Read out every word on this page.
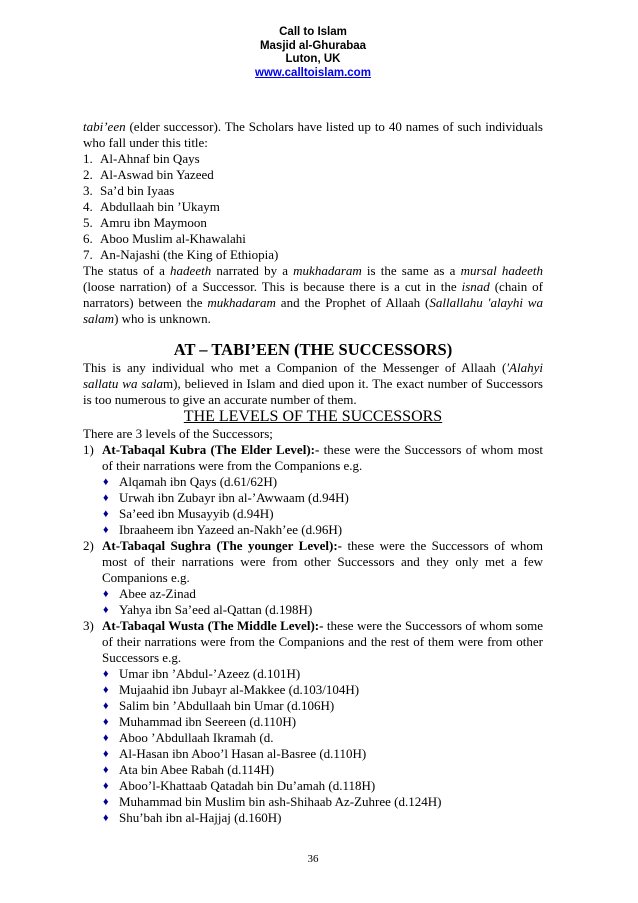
Call to Islam
Masjid al-Ghurabaa
Luton, UK
www.calltoislam.com

tabi’een (elder successor). The Scholars have listed up to 40 names of such individuals who fall under this title:

1. Al-Ahnaf bin Qays
2. Al-Aswad bin Yazeed
3. Sa’d bin Iyaas
4. Abdullaah bin ’Ukaym
5. Amru ibn Maymoon
6. Aboo Muslim al-Khawalahi
7. An-Najashi (the King of Ethiopia)

The status of a hadeeth narrated by a mukhadaram is the same as a mursal hadeeth (loose narration) of a Successor. This is because there is a cut in the isnad (chain of narrators) between the mukhadaram and the Prophet of Allaah (Sallallahu 'alayhi wa salam) who is unknown.

AT – TABI’EEN (THE SUCCESSORS)

This is any individual who met a Companion of the Messenger of Allaah ('Alahyi sallatu wa salam), believed in Islam and died upon it. The exact number of Successors is too numerous to give an accurate number of them.

THE LEVELS OF THE SUCCESSORS

There are 3 levels of the Successors;

1) At-Tabaqal Kubra (The Elder Level):- these were the Successors of whom most of their narrations were from the Companions e.g.
♦ Alqamah ibn Qays (d.61/62H)
♦ Urwah ibn Zubayr ibn al-’Awwaam (d.94H)
♦ Sa’eed ibn Musayyib (d.94H)
♦ Ibraaheem ibn Yazeed an-Nakh’ee (d.96H)
2) At-Tabaqal Sughra (The younger Level):- these were the Successors of whom most of their narrations were from other Successors and they only met a few Companions e.g.
♦ Abee az-Zinad
♦ Yahya ibn Sa’eed al-Qattan (d.198H)
3) At-Tabaqal Wusta (The Middle Level):- these were the Successors of whom some of their narrations were from the Companions and the rest of them were from other Successors e.g.
♦ Umar ibn ’Abdul-’Azeez (d.101H)
♦ Mujaahid ibn Jubayr al-Makkee (d.103/104H)
♦ Salim bin ’Abdullaah bin Umar (d.106H)
♦ Muhammad ibn Seereen (d.110H)
♦ Aboo ’Abdullaah Ikramah (d.
♦ Al-Hasan ibn Aboo’l Hasan al-Basree (d.110H)
♦ Ata bin Abee Rabah (d.114H)
♦ Aboo’l-Khattaab Qatadah bin Du’amah (d.118H)
♦ Muhammad bin Muslim bin ash-Shihaab Az-Zuhree (d.124H)
♦ Shu’bah ibn al-Hajjaj (d.160H)
36
